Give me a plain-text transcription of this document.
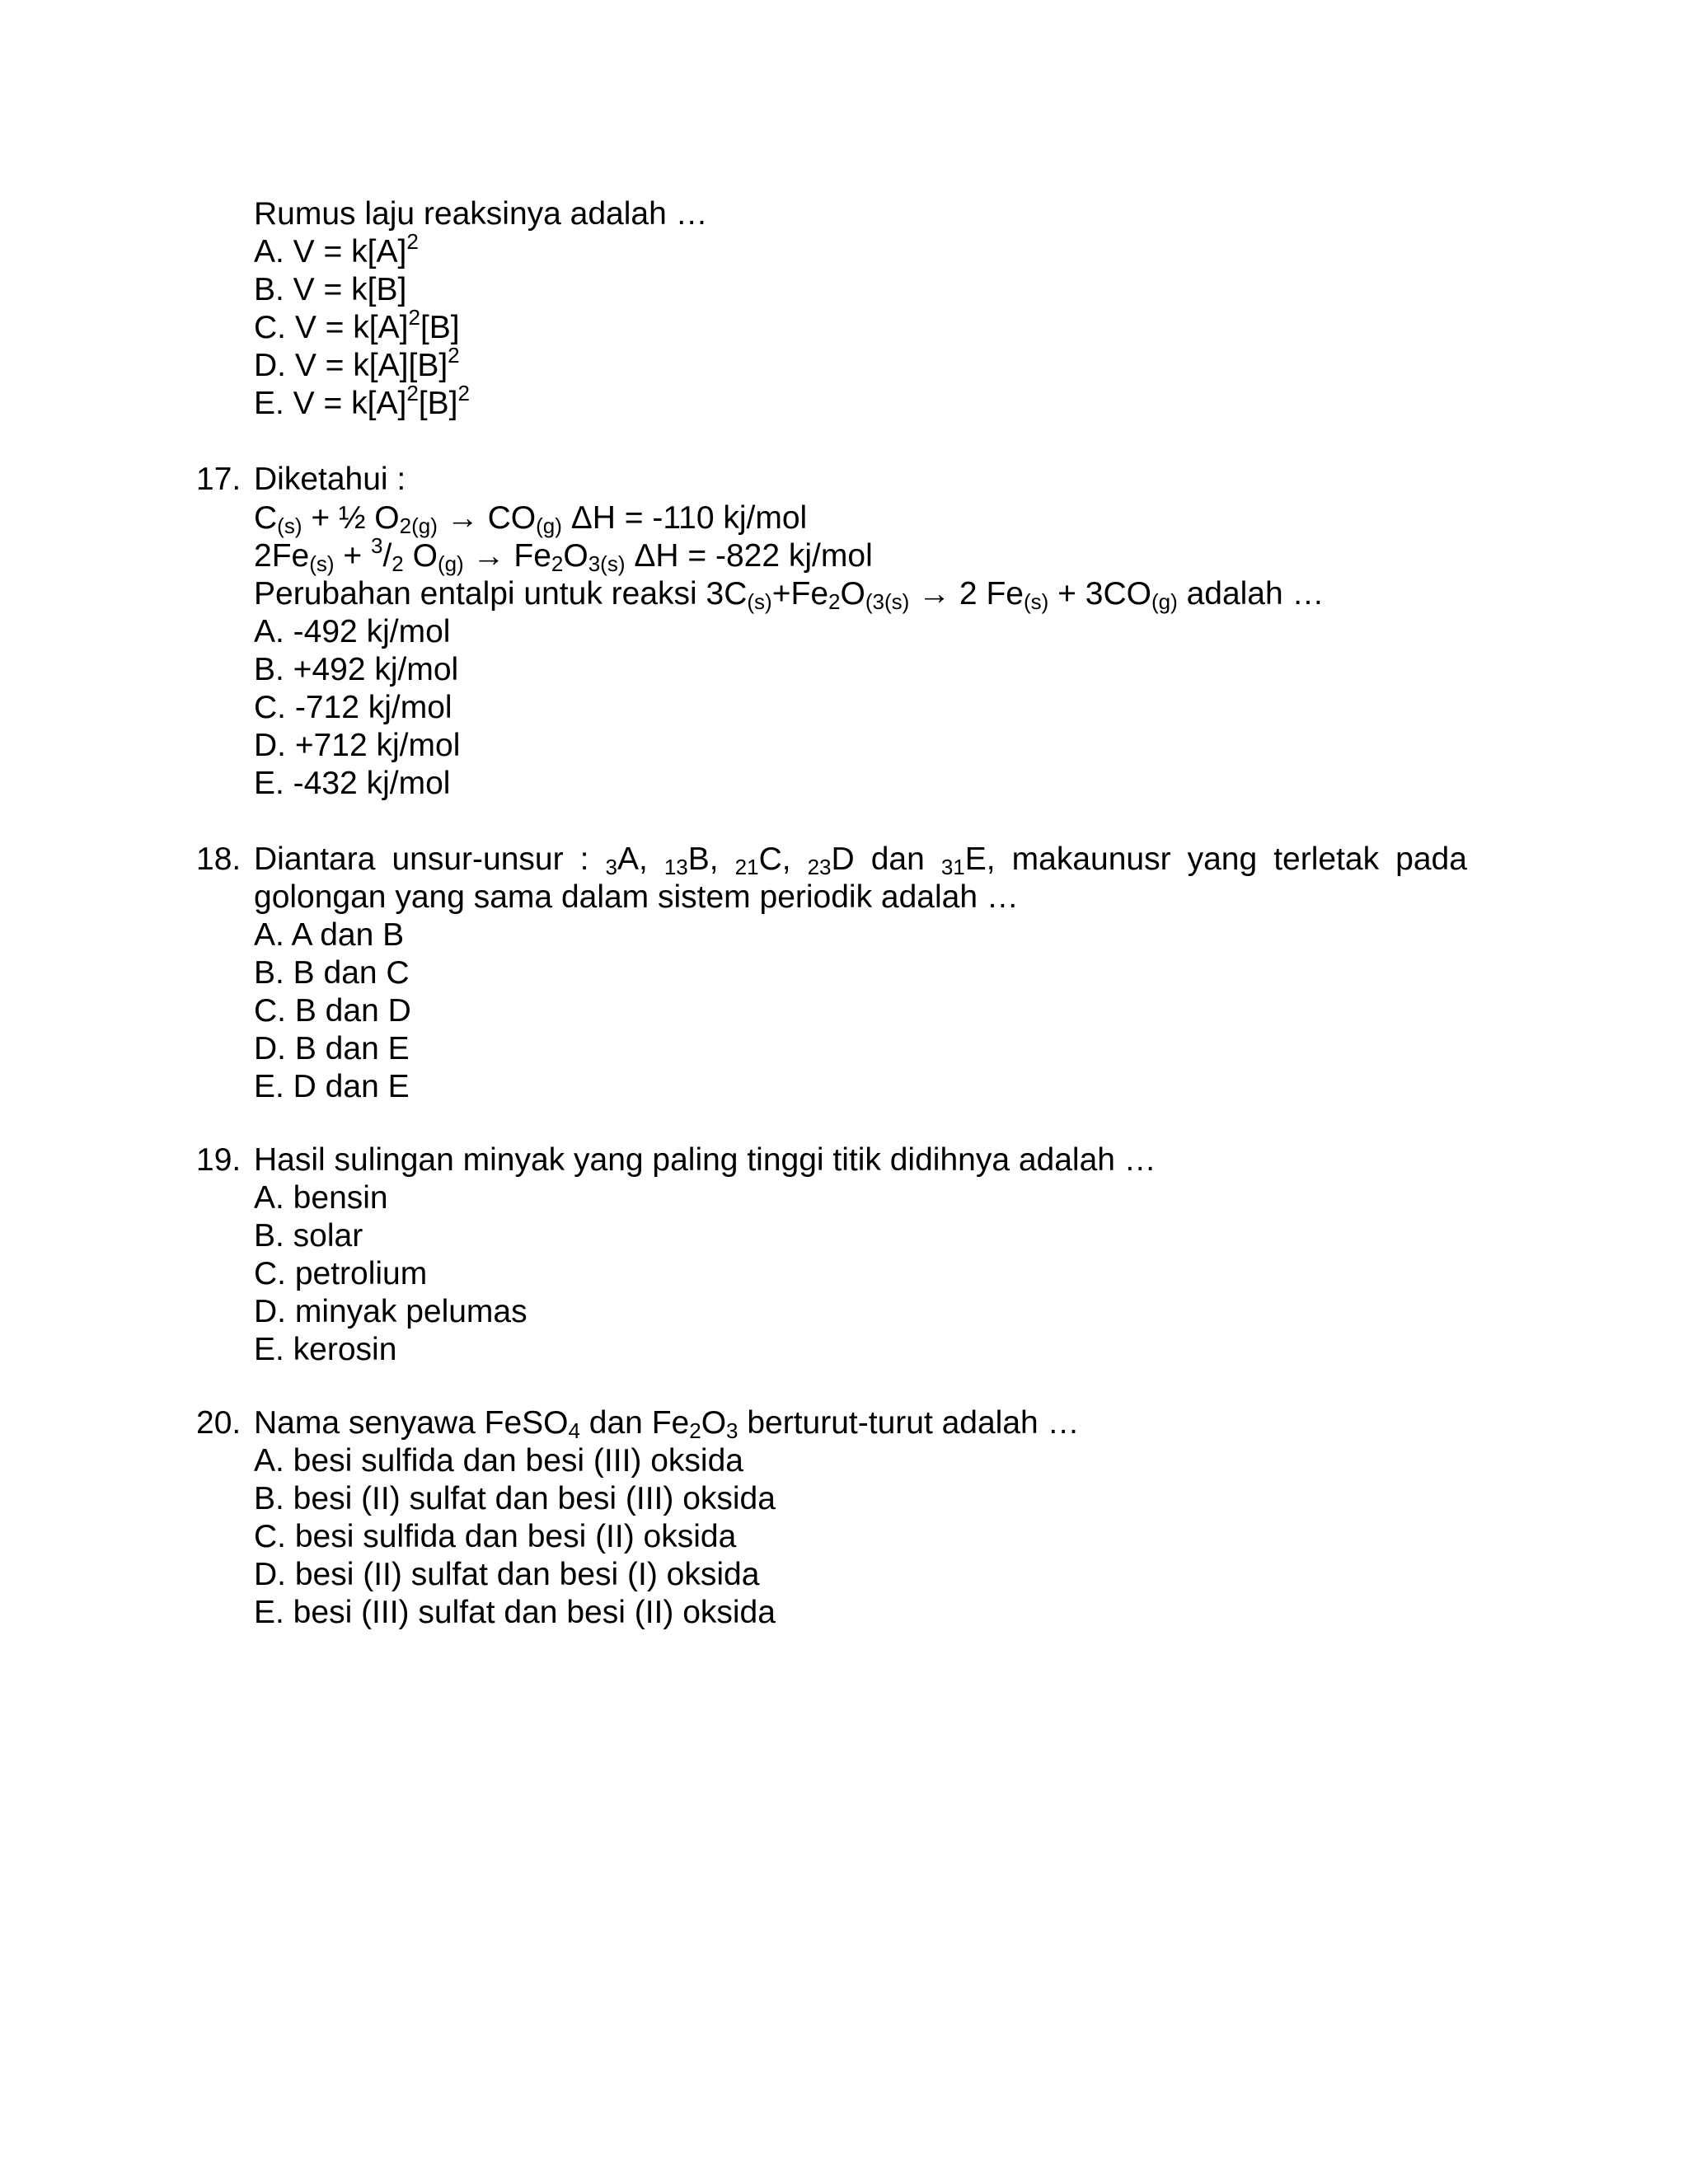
Rumus laju reaksinya adalah …
A. $V = k[A]^2$
B. V = k[B]
C. $V = k[A]^2[B]$
D. $V = k[A][B]^2$
E. $V = k[A]^2[B]^2$
17. Diketahui :
$C_{(s)}$ + ½ $O_{2(g)} \to CO_{(g)}$ ΔH = -110 kj/mol
$2Fe_{(s)} + ^3/_2$ $O_{(g)} \to Fe_2O_{3(s)}$ ΔH = -822 kj/mol
Perubahan entalpi untuk reaksi $3C_{(s)}+Fe_2O_{(3(s)} \to 2$ $Fe_{(s)} + 3CO_{(g)}$ adalah …
A. -492 kj/mol
B. +492 kj/mol
C. -712 kj/mol
D. +712 kj/mol
E. -432 kj/mol
18. Diantara unsur-unsur : $_3$A, $_{13}$B, $_{21}$C, $_{23}$D dan $_{31}$E, makaunusr yang terletak pada
golongan yang sama dalam sistem periodik adalah …
A. A dan B
B. B dan C
C. B dan D
D. B dan E
E. D dan E
19. Hasil sulingan minyak yang paling tinggi titik didihnya adalah …
A. bensin
B. solar
C. petrolium
D. minyak pelumas
E. kerosin
20. Nama senyawa FeSO$_4$ dan $Fe_2O_3$ berturut-turut adalah …
A. besi sulfida dan besi (III) oksida
B. besi (II) sulfat dan besi (III) oksida
C. besi sulfida dan besi (II) oksida
D. besi (II) sulfat dan besi (I) oksida
E. besi (III) sulfat dan besi (II) oksida
